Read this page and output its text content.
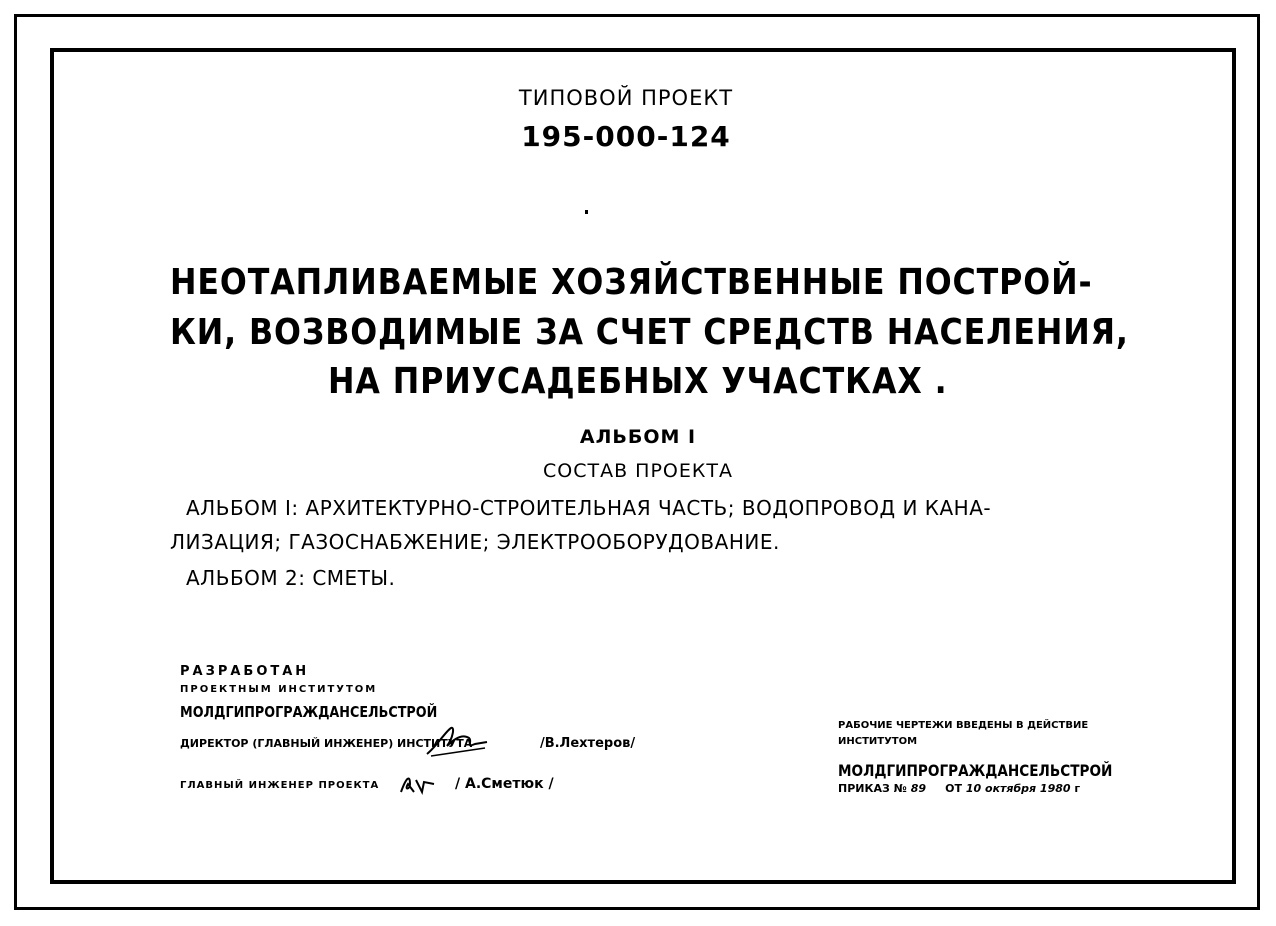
ТИПОВОЙ ПРОЕКТ
195-000-124
НЕОТАПЛИВАЕМЫЕ ХОЗЯЙСТВЕННЫЕ ПОСТРОЙ-
КИ, ВОЗВОДИМЫЕ ЗА СЧЕТ СРЕДСТВ НАСЕЛЕНИЯ,
НА ПРИУСАДЕБНЫХ УЧАСТКАХ .
АЛЬБОМ I
СОСТАВ ПРОЕКТА
АЛЬБОМ I: АРХИТЕКТУРНО-СТРОИТЕЛЬНАЯ ЧАСТЬ; ВОДОПРОВОД И КАНА-
ЛИЗАЦИЯ; ГАЗОСНАБЖЕНИЕ; ЭЛЕКТРООБОРУДОВАНИЕ.
АЛЬБОМ 2: СМЕТЫ.
РАЗРАБОТАН
ПРОЕКТНЫМ ИНСТИТУТОМ
МОЛДГИПРОГРАЖДАНСЕЛЬСТРОЙ
ДИРЕКТОР (ГЛАВНЫЙ ИНЖЕНЕР) ИНСТИТУТА	/В.Лехтеров/
ГЛАВНЫЙ ИНЖЕНЕР ПРОЕКТА	/ А.Сметюк /
РАБОЧИЕ ЧЕРТЕЖИ ВВЕДЕНЫ В ДЕЙСТВИЕ
ИНСТИТУТОМ
МОЛДГИПРОГРАЖДАНСЕЛЬСТРОЙ
ПРИКАЗ № 89 ОТ 10 октября 1980 г
